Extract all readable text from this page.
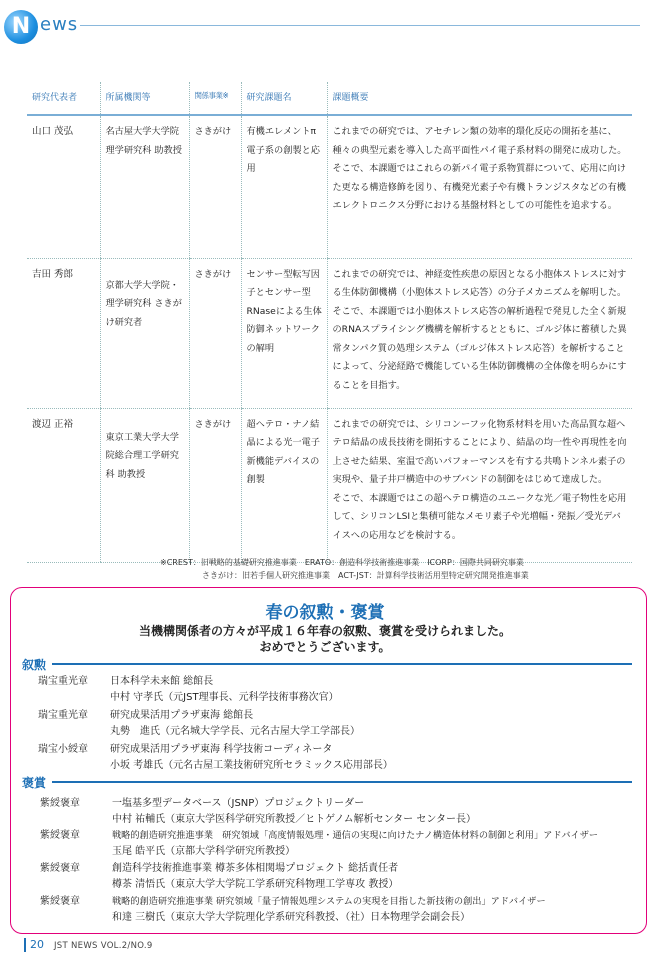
N ews
研究代表者	所属機関等	関係事業※	研究課題名	課題概要
山口 茂弘	名古屋大学大学院理学研究科 助教授	さきがけ	有機エレメントπ電子系の創製と応用	これまでの研究では、アセチレン類の効率的環化反応の開拓を基に、種々の典型元素を導入した高平面性パイ電子系材料の開発に成功した。
そこで、本課題ではこれらの新パイ電子系物質群について、応用に向けた更なる構造修飾を図り、有機発光素子や有機トランジスタなどの有機エレクトロニクス分野における基盤材料としての可能性を追求する。
吉田 秀郎	京都大学大学院・理学研究科 さきがけ研究者	さきがけ	センサー型転写因子とセンサー型RNaseによる生体防御ネットワークの解明	これまでの研究では、神経変性疾患の原因となる小胞体ストレスに対する生体防御機構（小胞体ストレス応答）の分子メカニズムを解明した。
そこで、本課題では小胞体ストレス応答の解析過程で発見した全く新規のRNAスプライシング機構を解析するとともに、ゴルジ体に蓄積した異常タンパク質の処理システム（ゴルジ体ストレス応答）を解析することによって、分泌経路で機能している生体防御機構の全体像を明らかにすることを目指す。
渡辺 正裕	東京工業大学大学院総合理工学研究科 助教授	さきがけ	超ヘテロ・ナノ結晶による光一電子新機能デバイスの創製	これまでの研究では、シリコンーフッ化物系材料を用いた高品質な超ヘテロ結晶の成長技術を開拓することにより、結晶の均一性や再現性を向上させた結果、室温で高いパフォーマンスを有する共鳴トンネル素子の実現や、量子井戸構造中のサブバンドの制御をはじめて達成した。
そこで、本課題ではこの超ヘテロ構造のユニークな光／電子物性を応用して、シリコンLSIと集積可能なメモリ素子や光増幅・発振／受光デバイスへの応用などを検討する。
※CREST：旧戦略的基礎研究推進事業　ERATO：創造科学技術推進事業　ICORP：国際共同研究事業
さきがけ：旧若手個人研究推進事業　ACT-JST：計算科学技術活用型特定研究開発推進事業
春の叙勲・褒賞
当機構関係者の方々が平成１６年春の叙勲、褒賞を受けられました。
おめでとうございます。
叙勲
瑞宝重光章 日本科学未来館 総館長
中村 守孝氏（元JST理事長、元科学技術事務次官）
瑞宝重光章 研究成果活用プラザ東海 総館長
丸勢　進氏（元名城大学学長、元名古屋大学工学部長）
瑞宝小綬章 研究成果活用プラザ東海 科学技術コーディネータ
小坂 考雄氏（元名古屋工業技術研究所セラミックス応用部長）
褒賞
紫綬褒章	一塩基多型データベース（JSNP）プロジェクトリーダー
中村 祐輔氏（東京大学医科学研究所教授／ヒトゲノム解析センター センター長）
紫綬褒章	戦略的創造研究推進事業　研究領域「高度情報処理・通信の実現に向けたナノ構造体材料の制御と利用」アドバイザー
玉尾 皓平氏（京都大学科学研究所教授）
紫綬褒章	創造科学技術推進事業 樽茶多体相関場プロジェクト 総括責任者
樽茶 清悟氏（東京大学大学院工学系研究科物理工学専攻 教授）
紫綬褒章	戦略的創造研究推進事業 研究領域「量子情報処理システムの実現を目指した新技術の創出」アドバイザー
和達 三樹氏（東京大学大学院理化学系研究科教授、（社）日本物理学会副会長）
20 JST NEWS VOL.2/NO.9
